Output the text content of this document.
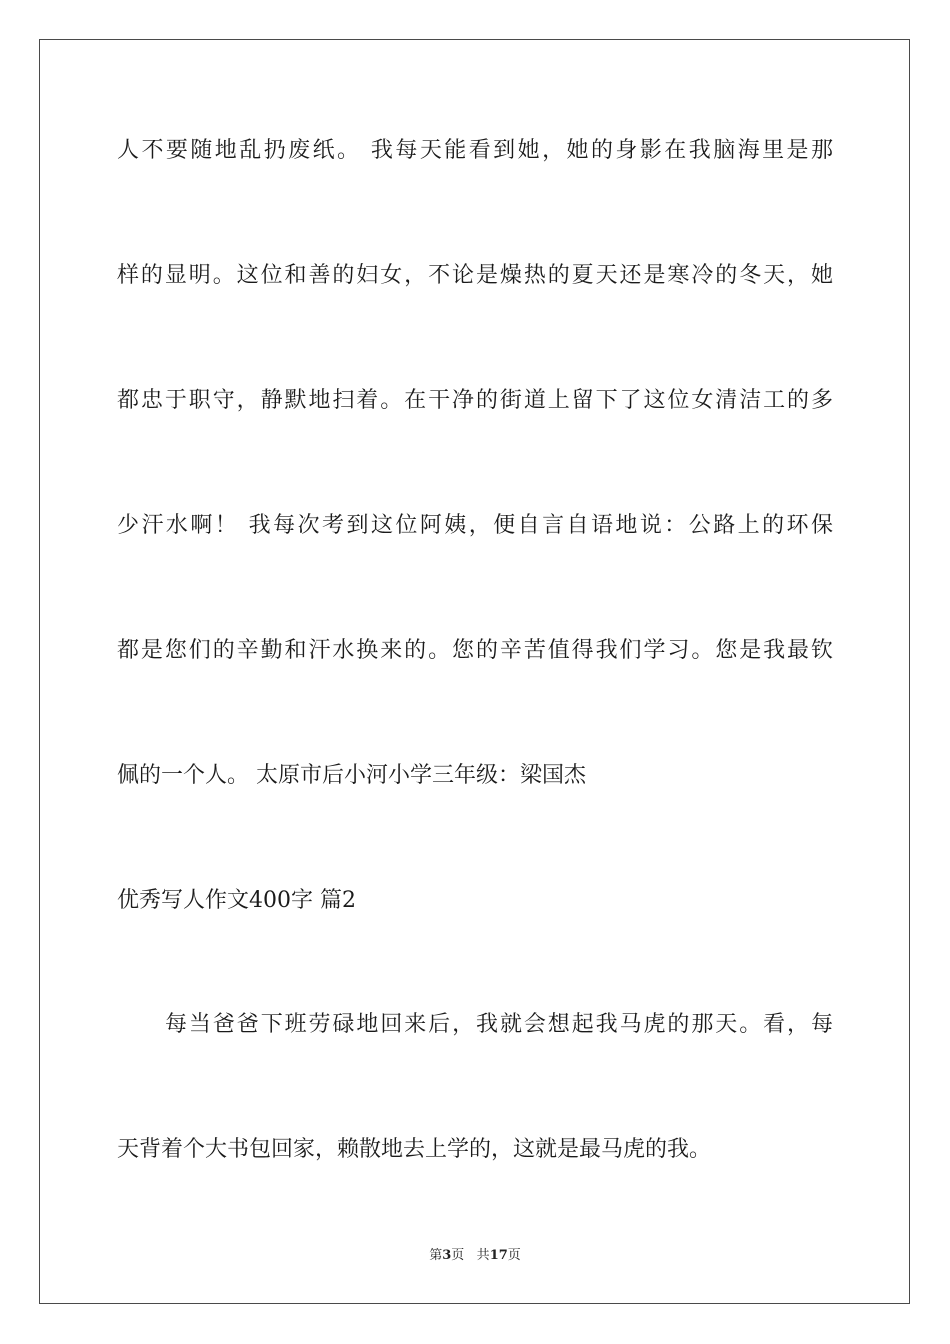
人不要随地乱扔废纸。 我每天能看到她，她的身影在我脑海里是那
样的显明。这位和善的妇女，不论是燥热的夏天还是寒冷的冬天，她
都忠于职守，静默地扫着。在干净的街道上留下了这位女清洁工的多
少汗水啊！ 我每次考到这位阿姨，便自言自语地说：公路上的环保
都是您们的辛勤和汗水换来的。您的辛苦值得我们学习。您是我最钦
佩的一个人。 太原市后小河小学三年级：梁国杰
优秀写人作文400字 篇2
每当爸爸下班劳碌地回来后，我就会想起我马虎的那天。看，每
天背着个大书包回家，赖散地去上学的，这就是最马虎的我。
第3页 共17页
